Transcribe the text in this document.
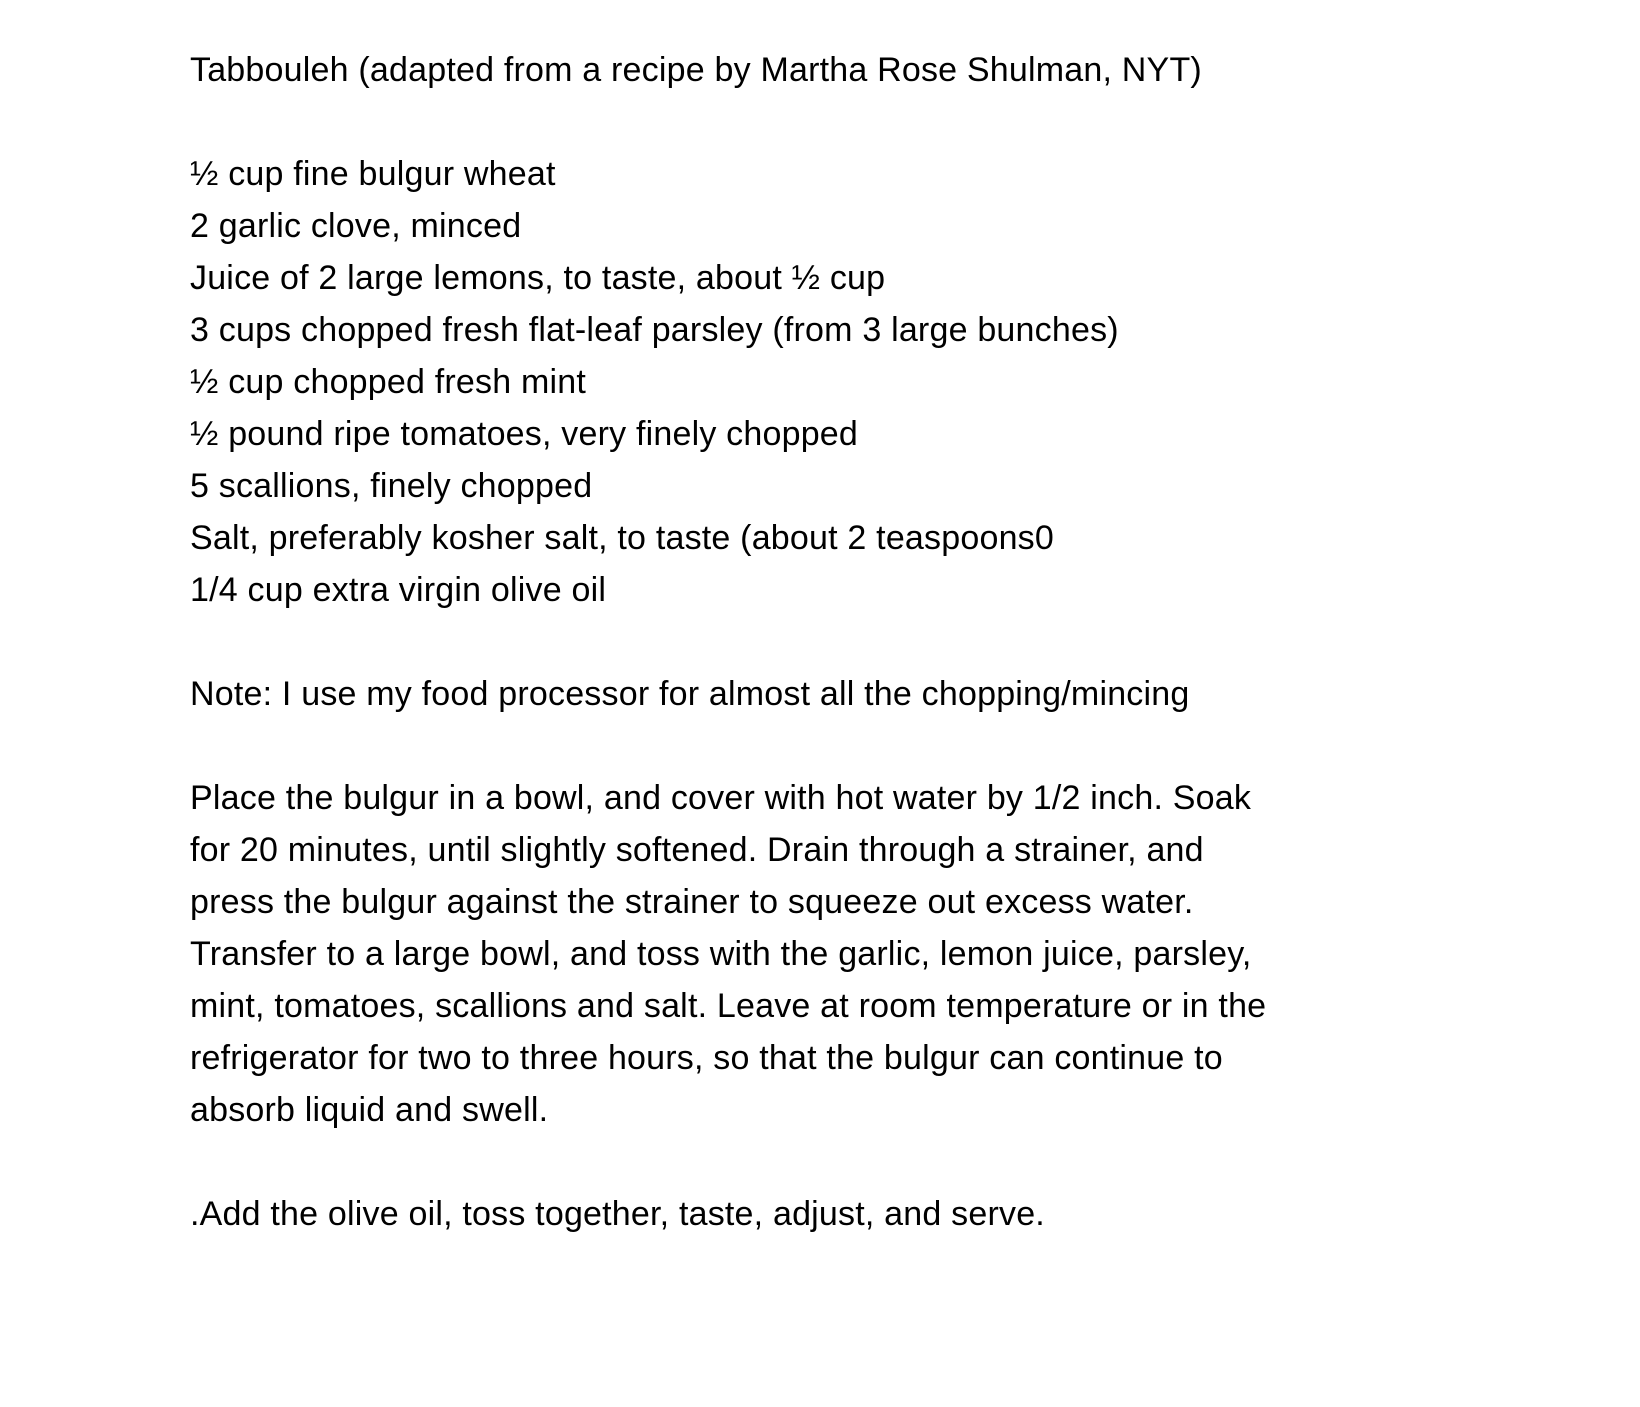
Tabbouleh (adapted from a recipe by Martha Rose Shulman, NYT)
½ cup fine bulgur wheat
2 garlic clove, minced
Juice of 2 large lemons, to taste, about ½ cup
3 cups chopped fresh flat-leaf parsley (from 3 large bunches)
½ cup chopped fresh mint
½ pound ripe tomatoes, very finely chopped
5 scallions, finely chopped
Salt, preferably kosher salt, to taste (about 2 teaspoons0
1/4 cup extra virgin olive oil
Note: I use my food processor for almost all the chopping/mincing
Place the bulgur in a bowl, and cover with hot water by 1/2 inch. Soak
for 20 minutes, until slightly softened. Drain through a strainer, and
press the bulgur against the strainer to squeeze out excess water.
Transfer to a large bowl, and toss with the garlic, lemon juice, parsley,
mint, tomatoes, scallions and salt. Leave at room temperature or in the
refrigerator for two to three hours, so that the bulgur can continue to
absorb liquid and swell.
.Add the olive oil, toss together, taste, adjust, and serve.
